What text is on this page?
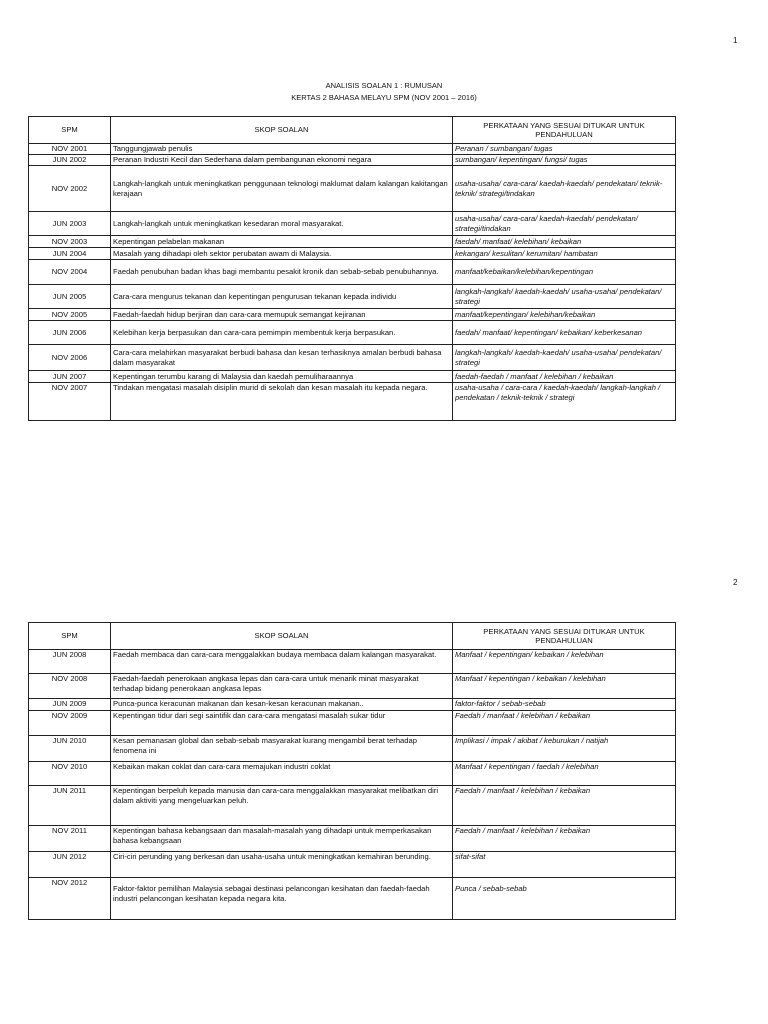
1
ANALISIS SOALAN 1 : RUMUSAN
KERTAS 2 BAHASA MELAYU SPM (NOV 2001 – 2016)
SPM	SKOP SOALAN	PERKATAAN YANG SESUAI DITUKAR UNTUK PENDAHULUAN
NOV 2001	Tanggungjawab penulis	Peranan / sumbangan/ tugas
JUN 2002	Peranan Industri Kecil dan Sederhana dalam pembangunan ekonomi negara	sumbangan/ kepentingan/ fungsi/ tugas
NOV 2002	Langkah-langkah untuk meningkatkan penggunaan teknologi maklumat dalam kalangan kakitangan kerajaan	usaha-usaha/ cara-cara/ kaedah-kaedah/ pendekatan/ teknik-teknik/ strategi/tindakan
JUN 2003	Langkah-langkah untuk meningkatkan kesedaran moral masyarakat.	usaha-usaha/ cara-cara/ kaedah-kaedah/ pendekatan/ strategi/tindakan
NOV 2003	Kepentingan pelabelan makanan	faedah/ manfaat/ kelebihan/ kebaikan
JUN 2004	Masalah yang dihadapi oleh sektor perubatan awam di Malaysia.	kekangan/ kesulitan/ kerumitan/ hambatan
NOV 2004	Faedah penubuhan badan khas bagi membantu pesakit kronik dan sebab-sebab penubuhannya.	manfaat/kebaikan/kelebihan/kepentingan
JUN 2005	Cara-cara mengurus tekanan dan kepentingan pengurusan tekanan kepada individu	langkah-langkah/ kaedah-kaedah/ usaha-usaha/ pendekatan/ strategi
NOV 2005	Faedah-faedah hidup berjiran dan cara-cara memupuk semangat kejiranan	manfaat/kepentingan/ kelebihan/kebaikan
JUN 2006	Kelebihan kerja berpasukan dan cara-cara pemimpin membentuk kerja berpasukan.	faedah/ manfaat/ kepentingan/ kebaikan/ keberkesanan
NOV 2006	Cara-cara melahirkan masyarakat berbudi bahasa dan kesan terhasiknya amalan berbudi bahasa dalam masyarakat	langkah-langkah/ kaedah-kaedah/ usaha-usaha/ pendekatan/ strategi
JUN 2007	Kepentingan terumbu karang di Malaysia dan kaedah pemuliharaannya	faedah-faedah / manfaat / kelebihan / kebaikan
NOV 2007	Tindakan mengatasi masalah disiplin murid di sekolah dan kesan masalah itu kepada negara.	usaha-usaha / cara-cara / kaedah-kaedah/ langkah-langkah / pendekatan / teknik-teknik / strategi
2
SPM	SKOP SOALAN	PERKATAAN YANG SESUAI DITUKAR UNTUK PENDAHULUAN
JUN 2008	Faedah membaca dan cara-cara menggalakkan budaya membaca dalam kalangan masyarakat.	Manfaat / kepentingan/ kebaikan / kelebihan
NOV 2008	Faedah-faedah penerokaan angkasa lepas dan cara-cara untuk menarik minat masyarakat terhadap bidang penerokaan angkasa lepas	Manfaat / kepentingan / kebaikan / kelebihan
JUN 2009	Punca-punca keracunan makanan dan kesan-kesan keracunan makanan..	faktor-faktor / sebab-sebab
NOV 2009	Kepentingan tidur dari segi saintifik dan cara-cara mengatasi masalah sukar tidur	Faedah / manfaat / kelebihan / kebaikan
JUN 2010	Kesan pemanasan global dan sebab-sebab masyarakat kurang mengambil berat terhadap fenomena ini	Implikasi / impak / akibat / keburukan / natijah
NOV 2010	Kebaikan makan coklat dan cara-cara memajukan industri coklat	Manfaat / kepentingan / faedah / kelebihan
JUN 2011	Kepentingan berpeluh kepada manusia dan cara-cara menggalakkan masyarakat melibatkan diri dalam aktiviti yang mengeluarkan peluh.	Faedah / manfaat / kelebihan / kebaikan
NOV 2011	Kepentingan bahasa kebangsaan dan masalah-masalah yang dihadapi untuk memperkasakan bahasa kebangsaan	Faedah / manfaat / kelebihan / kebaikan
JUN 2012	Ciri-ciri perunding yang berkesan dan usaha-usaha untuk meningkatkan kemahiran berunding.	sifat-sifat
NOV 2012	Faktor-faktor pemilihan Malaysia sebagai destinasi pelancongan kesihatan dan faedah-faedah industri pelancongan kesihatan kepada negara kita.	Punca / sebab-sebab
